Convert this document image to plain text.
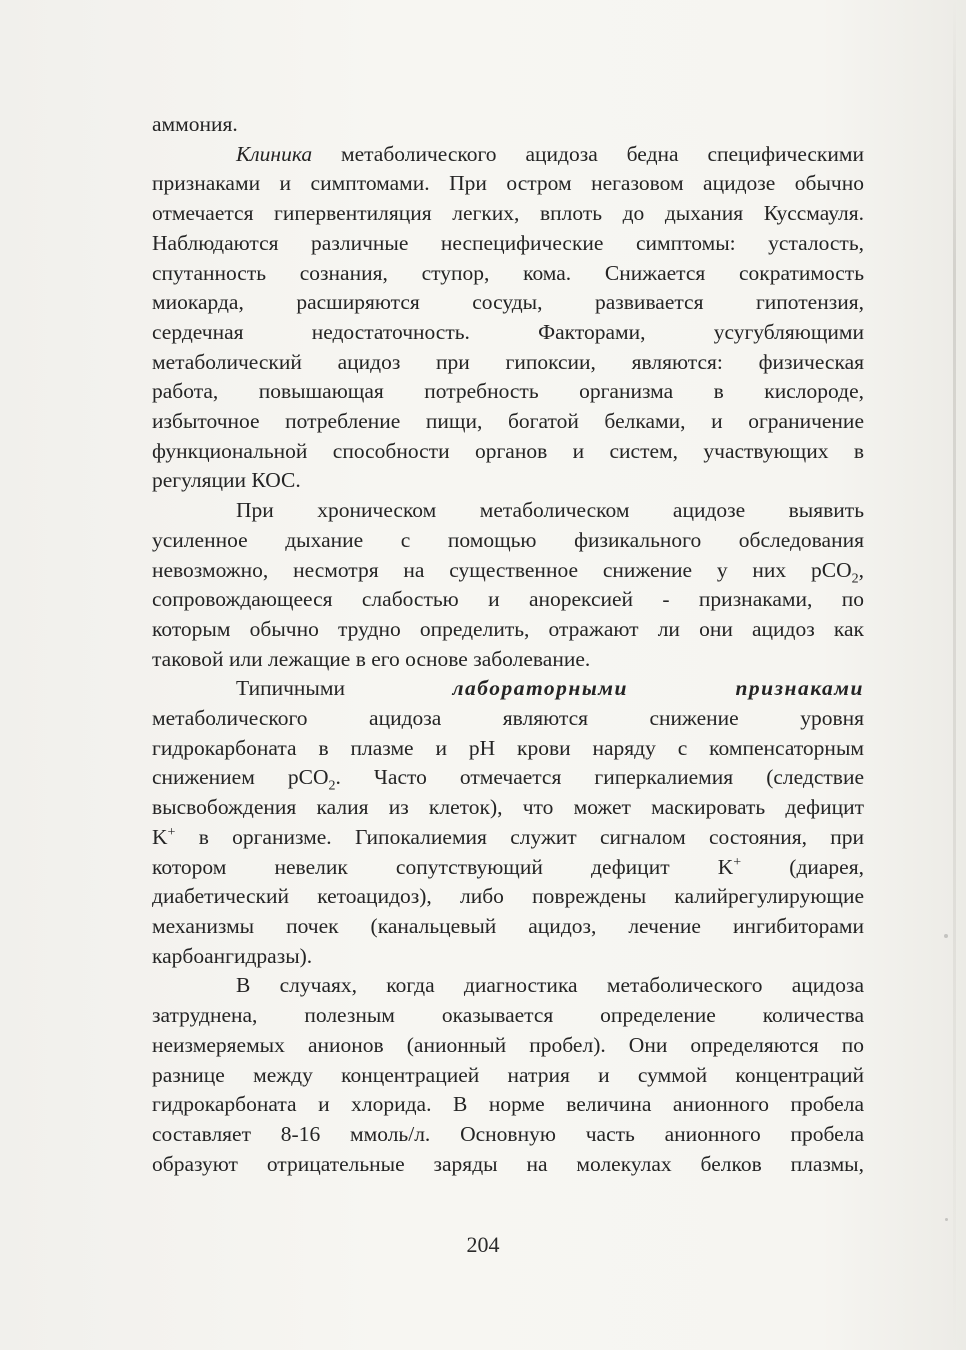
аммония.
Клиника метаболического ацидоза бедна специфическими
признаками и симптомами. При остром негазовом ацидозе обычно
отмечается гипервентиляция легких, вплоть до дыхания Куссмауля.
Наблюдаются различные неспецифические симптомы: усталость,
спутанность сознания, ступор, кома. Снижается сократимость
миокарда, расширяются сосуды, развивается гипотензия,
сердечная недостаточность. Факторами, усугубляющими
метаболический ацидоз при гипоксии, являются: физическая
работа, повышающая потребность организма в кислороде,
избыточное потребление пищи, богатой белками, и ограничение
функциональной способности органов и систем, участвующих в
регуляции КОС.
При хроническом метаболическом ацидозе выявить
усиленное дыхание с помощью физикального обследования
невозможно, несмотря на существенное снижение у них pCO$_2$,
сопровождающееся слабостью и анорексией - признаками, по
которым обычно трудно определить, отражают ли они ацидоз как
таковой или лежащие в его основе заболевание.
Типичными лабораторными	признаками
метаболического ацидоза являются снижение уровня
гидрокарбоната в плазме и pH крови наряду с компенсаторным
снижением pCO$_2$. Часто отмечается гиперкалиемия (следствие
высвобождения калия из клеток), что может маскировать дефицит
K+ в организме. Гипокалиемия служит сигналом состояния, при
котором невелик сопутствующий дефицит K+ (диарея,
диабетический кетоацидоз), либо повреждены калийрегулирующие
механизмы почек (канальцевый ацидоз, лечение ингибиторами
карбоангидразы).
В случаях, когда диагностика метаболического ацидоза
затруднена, полезным оказывается определение количества
неизмеряемых анионов (анионный пробел). Они определяются по
разнице между концентрацией натрия и суммой концентраций
гидрокарбоната и хлорида. В норме величина анионного пробела
составляет 8-16 ммоль/л. Основную часть анионного пробела
образуют отрицательные заряды на молекулах белков плазмы,
204
